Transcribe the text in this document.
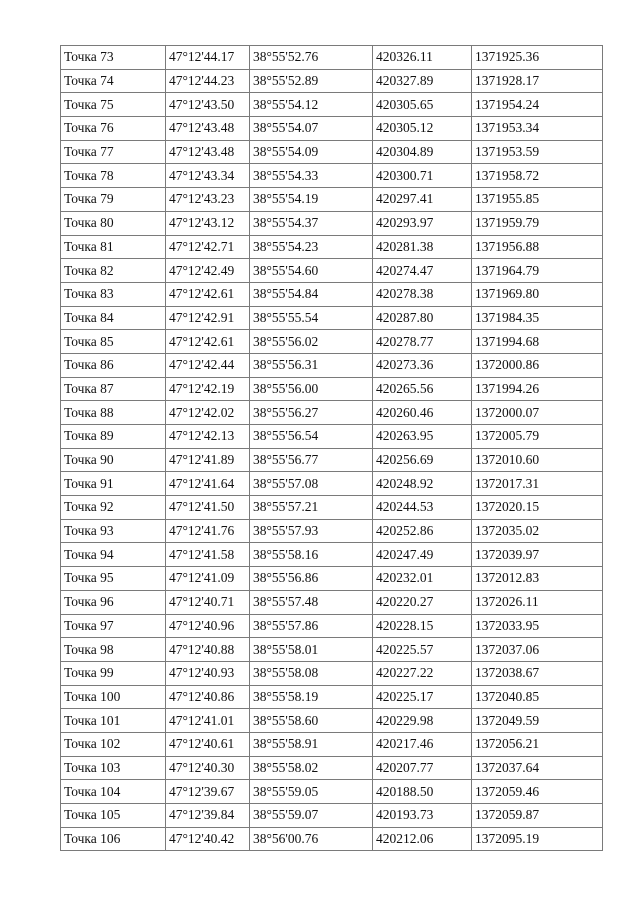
Точка 73	47°12'44.17	38°55'52.76	420326.11	1371925.36
Точка 74	47°12'44.23	38°55'52.89	420327.89	1371928.17
Точка 75	47°12'43.50	38°55'54.12	420305.65	1371954.24
Точка 76	47°12'43.48	38°55'54.07	420305.12	1371953.34
Точка 77	47°12'43.48	38°55'54.09	420304.89	1371953.59
Точка 78	47°12'43.34	38°55'54.33	420300.71	1371958.72
Точка 79	47°12'43.23	38°55'54.19	420297.41	1371955.85
Точка 80	47°12'43.12	38°55'54.37	420293.97	1371959.79
Точка 81	47°12'42.71	38°55'54.23	420281.38	1371956.88
Точка 82	47°12'42.49	38°55'54.60	420274.47	1371964.79
Точка 83	47°12'42.61	38°55'54.84	420278.38	1371969.80
Точка 84	47°12'42.91	38°55'55.54	420287.80	1371984.35
Точка 85	47°12'42.61	38°55'56.02	420278.77	1371994.68
Точка 86	47°12'42.44	38°55'56.31	420273.36	1372000.86
Точка 87	47°12'42.19	38°55'56.00	420265.56	1371994.26
Точка 88	47°12'42.02	38°55'56.27	420260.46	1372000.07
Точка 89	47°12'42.13	38°55'56.54	420263.95	1372005.79
Точка 90	47°12'41.89	38°55'56.77	420256.69	1372010.60
Точка 91	47°12'41.64	38°55'57.08	420248.92	1372017.31
Точка 92	47°12'41.50	38°55'57.21	420244.53	1372020.15
Точка 93	47°12'41.76	38°55'57.93	420252.86	1372035.02
Точка 94	47°12'41.58	38°55'58.16	420247.49	1372039.97
Точка 95	47°12'41.09	38°55'56.86	420232.01	1372012.83
Точка 96	47°12'40.71	38°55'57.48	420220.27	1372026.11
Точка 97	47°12'40.96	38°55'57.86	420228.15	1372033.95
Точка 98	47°12'40.88	38°55'58.01	420225.57	1372037.06
Точка 99	47°12'40.93	38°55'58.08	420227.22	1372038.67
Точка 100	47°12'40.86	38°55'58.19	420225.17	1372040.85
Точка 101	47°12'41.01	38°55'58.60	420229.98	1372049.59
Точка 102	47°12'40.61	38°55'58.91	420217.46	1372056.21
Точка 103	47°12'40.30	38°55'58.02	420207.77	1372037.64
Точка 104	47°12'39.67	38°55'59.05	420188.50	1372059.46
Точка 105	47°12'39.84	38°55'59.07	420193.73	1372059.87
Точка 106	47°12'40.42	38°56'00.76	420212.06	1372095.19
